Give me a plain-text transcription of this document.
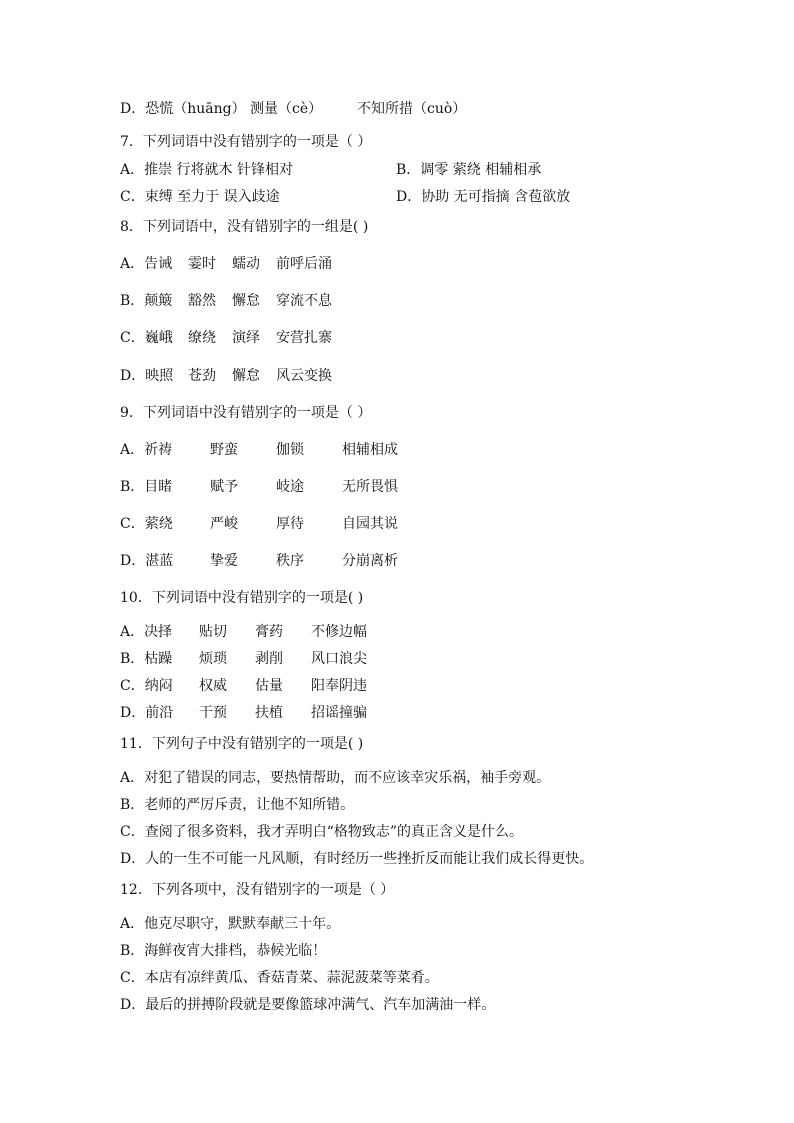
D．恐慌（huāng） 测量（cè） 不知所措（cuò）
7．下列词语中没有错别字的一项是（ ）
A．推崇 行将就木 针锋相对	B．调零 萦绕 相辅相承
C．束缚 至力于 误入歧途	D．协助 无可指摘 含苞欲放
8．下列词语中，没有错别字的一组是( )
A．告诫 霎时 蠕动 前呼后涌
B．颠簸 豁然 懈怠 穿流不息
C．巍峨 缭绕 演绎 安营扎寨
D．映照 苍劲 懈怠 风云变换
9．下列词语中没有错别字的一项是（ ）
A．祈祷	野蛮	伽锁	相辅相成
B．目睹	赋予	岐途	无所畏惧
C．萦绕	严峻	厚待	自园其说
D．湛蓝	挚爱	秩序	分崩离析
10．下列词语中没有错别字的一项是( )
A．决择 贴切 膏药 不修边幅
B．枯躁 烦琐 剥削 风口浪尖
C．纳闷 权威 估量 阳奉阴违
D．前沿 干预 扶植 招谣撞骗
11．下列句子中没有错别字的一项是( )
A．对犯了错误的同志，要热情帮助，而不应该幸灾乐祸，袖手旁观。
B．老师的严厉斥责，让他不知所错。
C．查阅了很多资料，我才弄明白“格物致志”的真正含义是什么。
D．人的一生不可能一凡风顺，有时经历一些挫折反而能让我们成长得更快。
12．下列各项中，没有错别字的一项是（ ）
A．他克尽职守，默默奉献三十年。
B．海鲜夜宵大排档，恭候光临！
C．本店有凉绊黄瓜、香菇青菜、蒜泥菠菜等菜肴。
D．最后的拼搏阶段就是要像篮球冲满气、汽车加满油一样。
